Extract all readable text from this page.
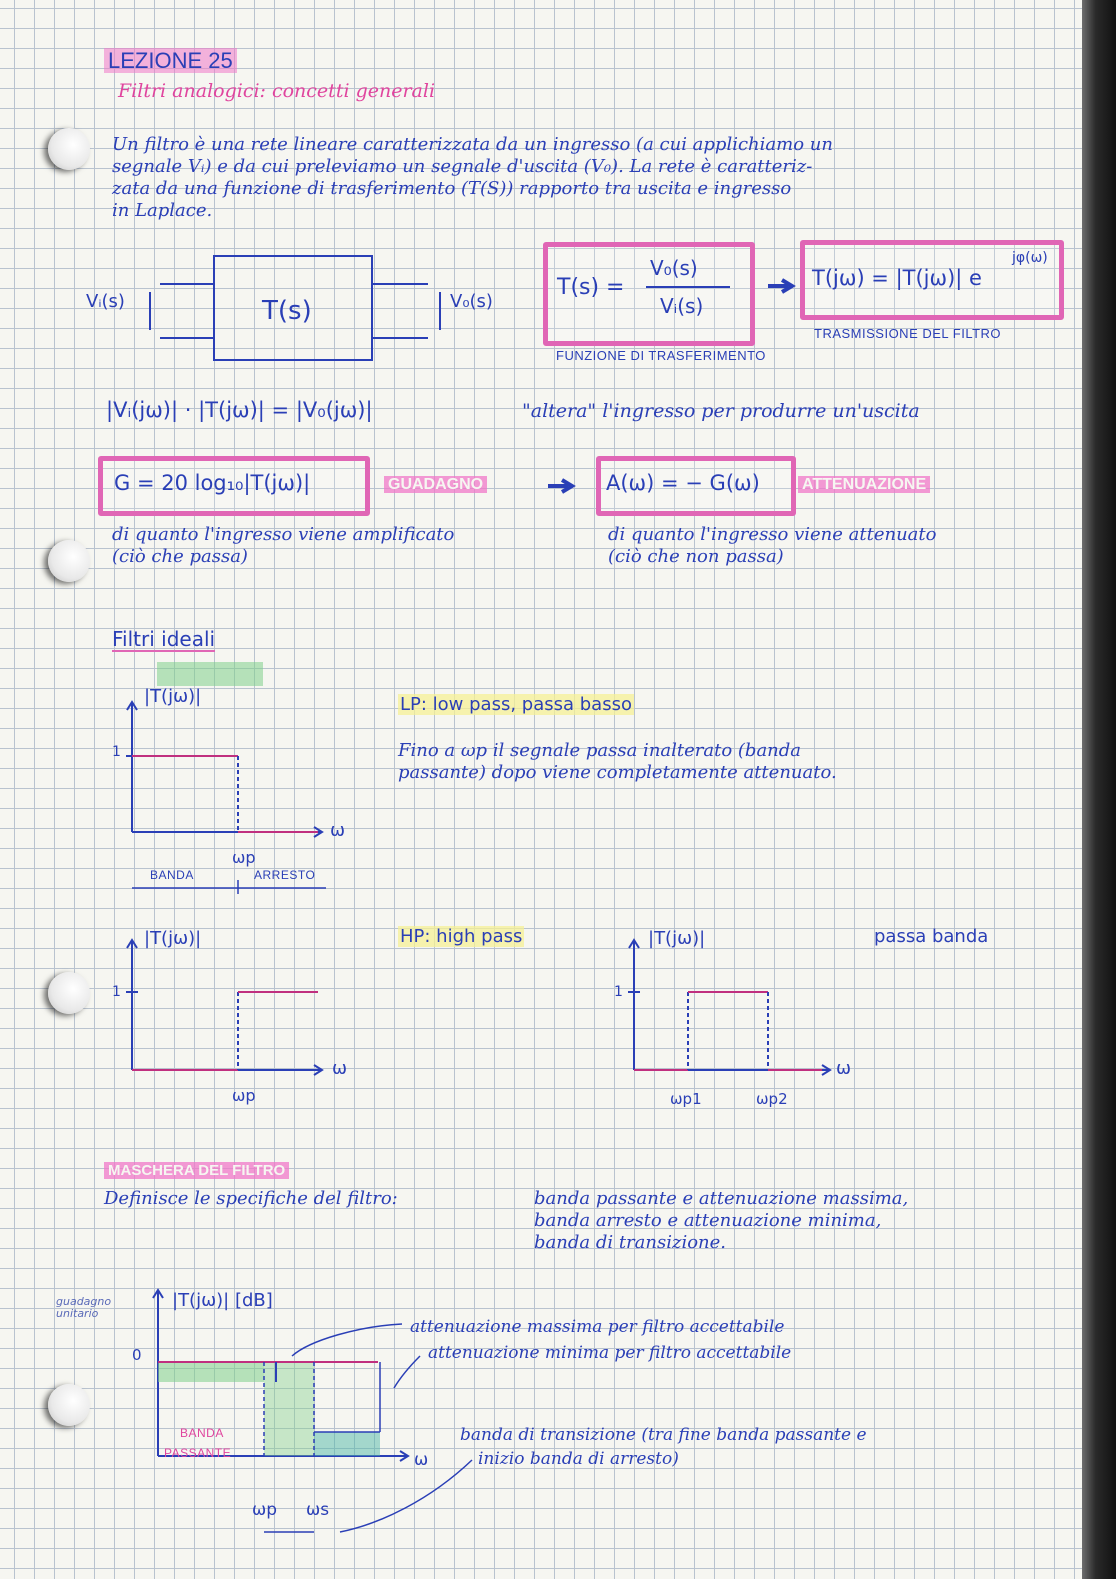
LEZIONE 25
Filtri analogici: concetti generali
Un filtro è una rete lineare caratterizzata da un ingresso (a cui applichiamo un
segnale Vᵢ) e da cui preleviamo un segnale d'uscita (V₀). La rete è caratteriz-
zata da una funzione di trasferimento (T(S)) rapporto tra uscita e ingresso
in Laplace.
Vᵢ(s)	T(s)	V₀(s)
T(s) =
V₀(s)
Vᵢ(s)
FUNZIONE DI TRASFERIMENTO
T(jω) = |T(jω)| e
jφ(ω)
TRASMISSIONE DEL FILTRO
|Vᵢ(jω)| · |T(jω)| = |V₀(jω)|	"altera" l'ingresso per produrre un'uscita
G = 20 log₁₀|T(jω)|	GUADAGNO	A(ω) = − G(ω)	ATTENUAZIONE
di quanto l'ingresso viene amplificato
(ciò che passa)
di quanto l'ingresso viene attenuato
(ciò che non passa)
Filtri ideali
|T(jω)|
1
ω
ωp
BANDA	ARRESTO
LP: low pass, passa basso
Fino a ωp il segnale passa inalterato (banda
passante) dopo viene completamente attenuato.
|T(jω)|
1
ω
ωp
HP: high pass	|T(jω)|
1
ω
ωp1	ωp2
passa banda
MASCHERA DEL FILTRO
Definisce le specifiche del filtro:	banda passante e attenuazione massima,
banda arresto e attenuazione minima,
banda di transizione.
|T(jω)| [dB]
guadagno unitario
0
attenuazione massima per filtro accettabile
attenuazione minima per filtro accettabile
BANDA
PASSANTE
banda di transizione (tra fine banda passante e
inizio banda di arresto)
ωp ωs
ω
